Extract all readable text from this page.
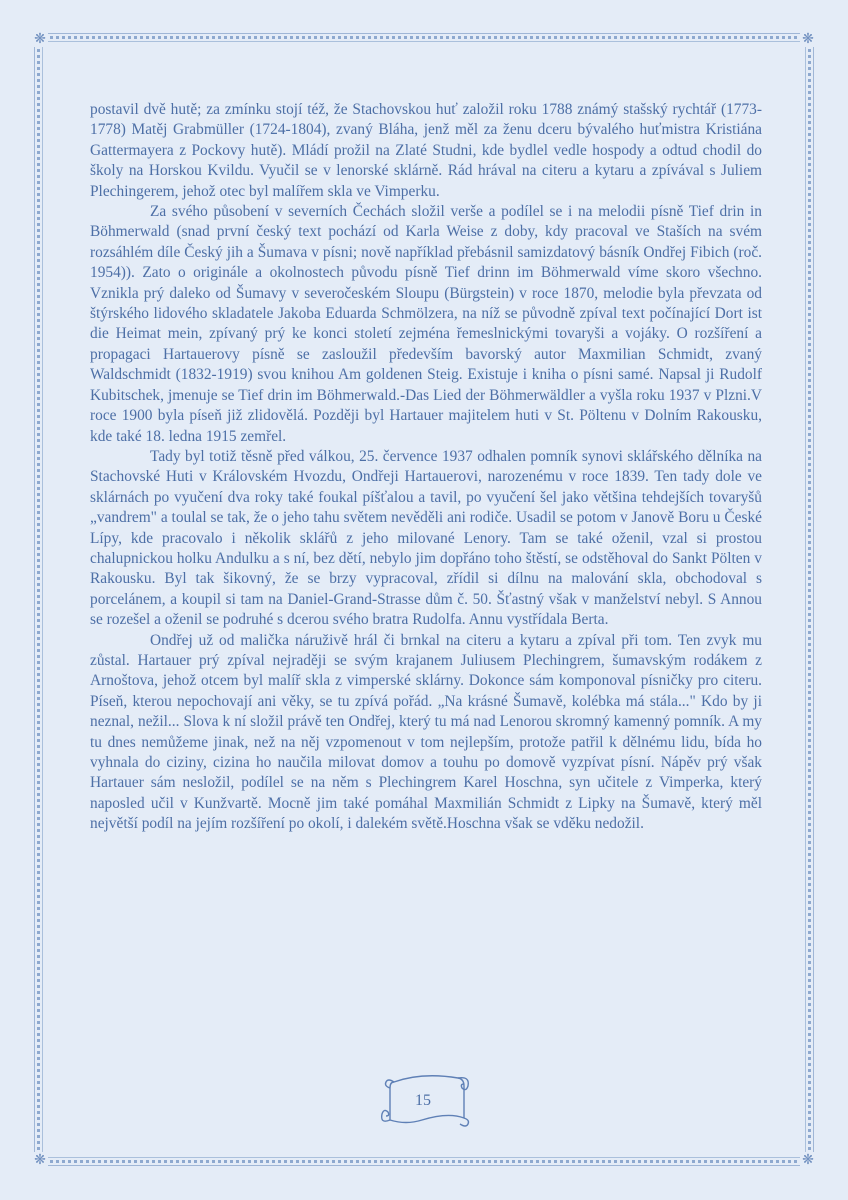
❋	❋
❋	❋

postavil dvě hutě; za zmínku stojí též, že Stachovskou huť založil roku 1788 známý stašský rychtář (1773-1778) Matěj Grabmüller (1724-1804), zvaný Bláha, jenž měl za ženu dceru bývalého huťmistra Kristiána Gattermayera z Pockovy hutě). Mládí prožil na Zlaté Studni, kde bydlel vedle hospody a odtud chodil do školy na Horskou Kvildu. Vyučil se v lenorské sklárně. Rád hrával na citeru a kytaru a zpívával s Juliem Plechingerem, jehož otec byl malířem skla ve Vimperku.

Za svého působení v severních Čechách složil verše a podílel se i na melodii písně Tief drin in Böhmerwald (snad první český text pochází od Karla Weise z doby, kdy pracoval ve Staších na svém rozsáhlém díle Český jih a Šumava v písni; nově například přebásnil samizdatový básník Ondřej Fibich (roč. 1954)). Zato o originále a okolnostech původu písně Tief drinn im Böhmerwald víme skoro všechno. Vznikla prý daleko od Šumavy v severočeském Sloupu (Bürgstein) v roce 1870, melodie byla převzata od štýrského lidového skladatele Jakoba Eduarda Schmölzera, na níž se původně zpíval text počínající Dort ist die Heimat mein, zpívaný prý ke konci století zejména řemeslnickými tovaryši a vojáky. O rozšíření a propagaci Hartauerovy písně se zasloužil především bavorský autor Maxmilian Schmidt, zvaný Waldschmidt (1832-1919) svou knihou Am goldenen Steig. Existuje i kniha o písni samé. Napsal ji Rudolf Kubitschek, jmenuje se Tief drin im Böhmerwald.-Das Lied der Böhmerwäldler a vyšla roku 1937 v Plzni.V roce 1900 byla píseň již zlidovělá. Později byl Hartauer majitelem huti v St. Pöltenu v Dolním Rakousku, kde také 18. ledna 1915 zemřel.

Tady byl totiž těsně před válkou, 25. července 1937 odhalen pomník synovi sklářského dělníka na Stachovské Huti v Královském Hvozdu, Ondřeji Hartauerovi, narozenému v roce 1839. Ten tady dole ve sklárnách po vyučení dva roky také foukal píšťalou a tavil, po vyučení šel jako většina tehdejších tovaryšů „vandrem" a toulal se tak, že o jeho tahu světem nevěděli ani rodiče. Usadil se potom v Janově Boru u České Lípy, kde pracovalo i několik sklářů z jeho milované Lenory. Tam se také oženil, vzal si prostou chalupnickou holku Andulku a s ní, bez dětí, nebylo jim dopřáno toho štěstí, se odstěhoval do Sankt Pölten v Rakousku. Byl tak šikovný, že se brzy vypracoval, zřídil si dílnu na malování skla, obchodoval s porcelánem, a koupil si tam na Daniel-Grand-Strasse dům č. 50. Šťastný však v manželství nebyl. S Annou se rozešel a oženil se podruhé s dcerou svého bratra Rudolfa. Annu vystřídala Berta.

Ondřej už od malička náruživě hrál či brnkal na citeru a kytaru a zpíval při tom. Ten zvyk mu zůstal. Hartauer prý zpíval nejraději se svým krajanem Juliusem Plechingrem, šumavským rodákem z Arnoštova, jehož otcem byl malíř skla z vimperské sklárny. Dokonce sám komponoval písničky pro citeru. Píseň, kterou nepochovají ani věky, se tu zpívá pořád. „Na krásné Šumavě, kolébka má stála..." Kdo by ji neznal, nežil... Slova k ní složil právě ten Ondřej, který tu má nad Lenorou skromný kamenný pomník. A my tu dnes nemůžeme jinak, než na něj vzpomenout v tom nejlepším, protože patřil k dělnému lidu, bída ho vyhnala do ciziny, cizina ho naučila milovat domov a touhu po domově vyzpívat písní. Nápěv prý však Hartauer sám nesložil, podílel se na něm s Plechingrem Karel Hoschna, syn učitele z Vimperka, který naposled učil v Kunžvartě. Mocně jim také pomáhal Maxmilián Schmidt z Lipky na Šumavě, který měl největší podíl na jejím rozšíření po okolí, i dalekém světě.Hoschna však se vděku nedožil.

15
